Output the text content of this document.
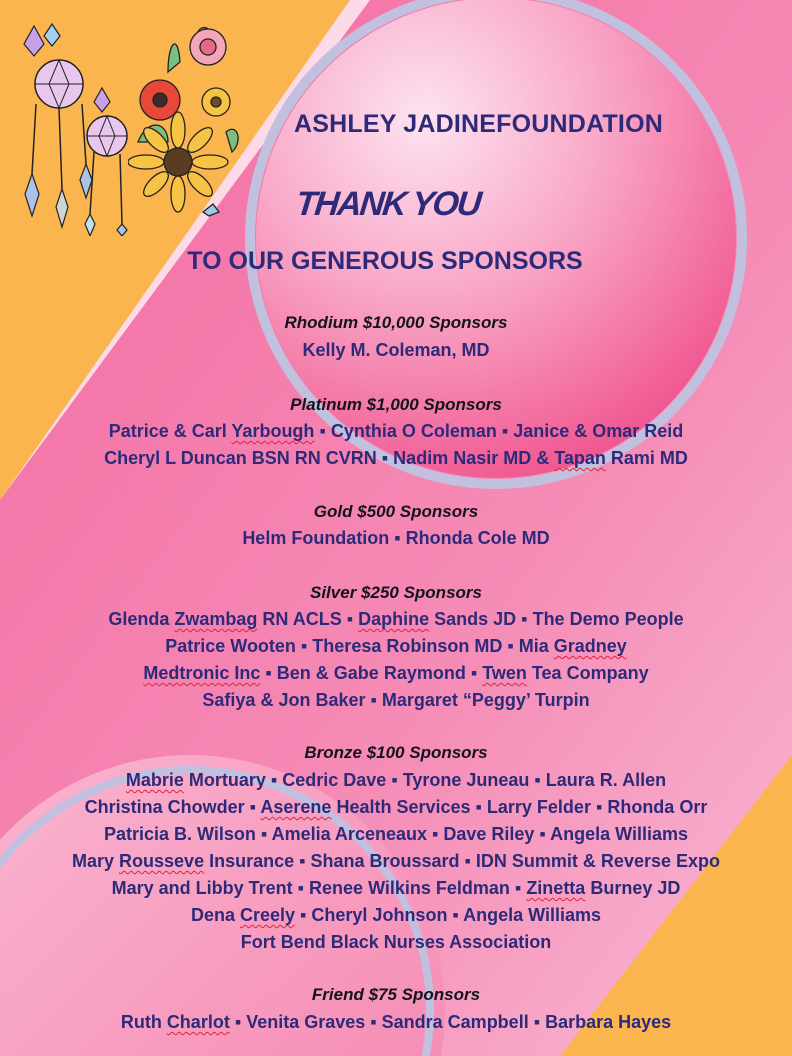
ASHLEY JADINEFOUNDATION
THANK YOU
TO OUR GENEROUS SPONSORS
Rhodium $10,000 Sponsors
Kelly M. Coleman, MD
Platinum $1,000 Sponsors
Patrice & Carl Yarbough ▪ Cynthia O Coleman ▪ Janice & Omar Reid
Cheryl L Duncan BSN RN CVRN ▪ Nadim Nasir MD & Tapan Rami MD
Gold $500 Sponsors
Helm Foundation ▪ Rhonda Cole MD
Silver $250 Sponsors
Glenda Zwambag RN ACLS ▪ Daphine Sands JD ▪ The Demo People
Patrice Wooten ▪ Theresa Robinson MD ▪ Mia Gradney
Medtronic Inc ▪ Ben & Gabe Raymond ▪ Twen Tea Company
Safiya & Jon Baker ▪ Margaret “Peggy’ Turpin
Bronze $100 Sponsors
Mabrie Mortuary ▪ Cedric Dave ▪ Tyrone Juneau ▪ Laura R. Allen
Christina Chowder ▪ Aserene Health Services ▪ Larry Felder ▪ Rhonda Orr
Patricia B. Wilson ▪ Amelia Arceneaux ▪ Dave Riley ▪ Angela Williams
Mary Rousseve Insurance ▪ Shana Broussard ▪ IDN Summit & Reverse Expo
Mary and Libby Trent ▪ Renee Wilkins Feldman ▪ Zinetta Burney JD
Dena Creely ▪ Cheryl Johnson ▪ Angela Williams
Fort Bend Black Nurses Association
Friend $75 Sponsors
Ruth Charlot ▪ Venita Graves ▪ Sandra Campbell ▪ Barbara Hayes
